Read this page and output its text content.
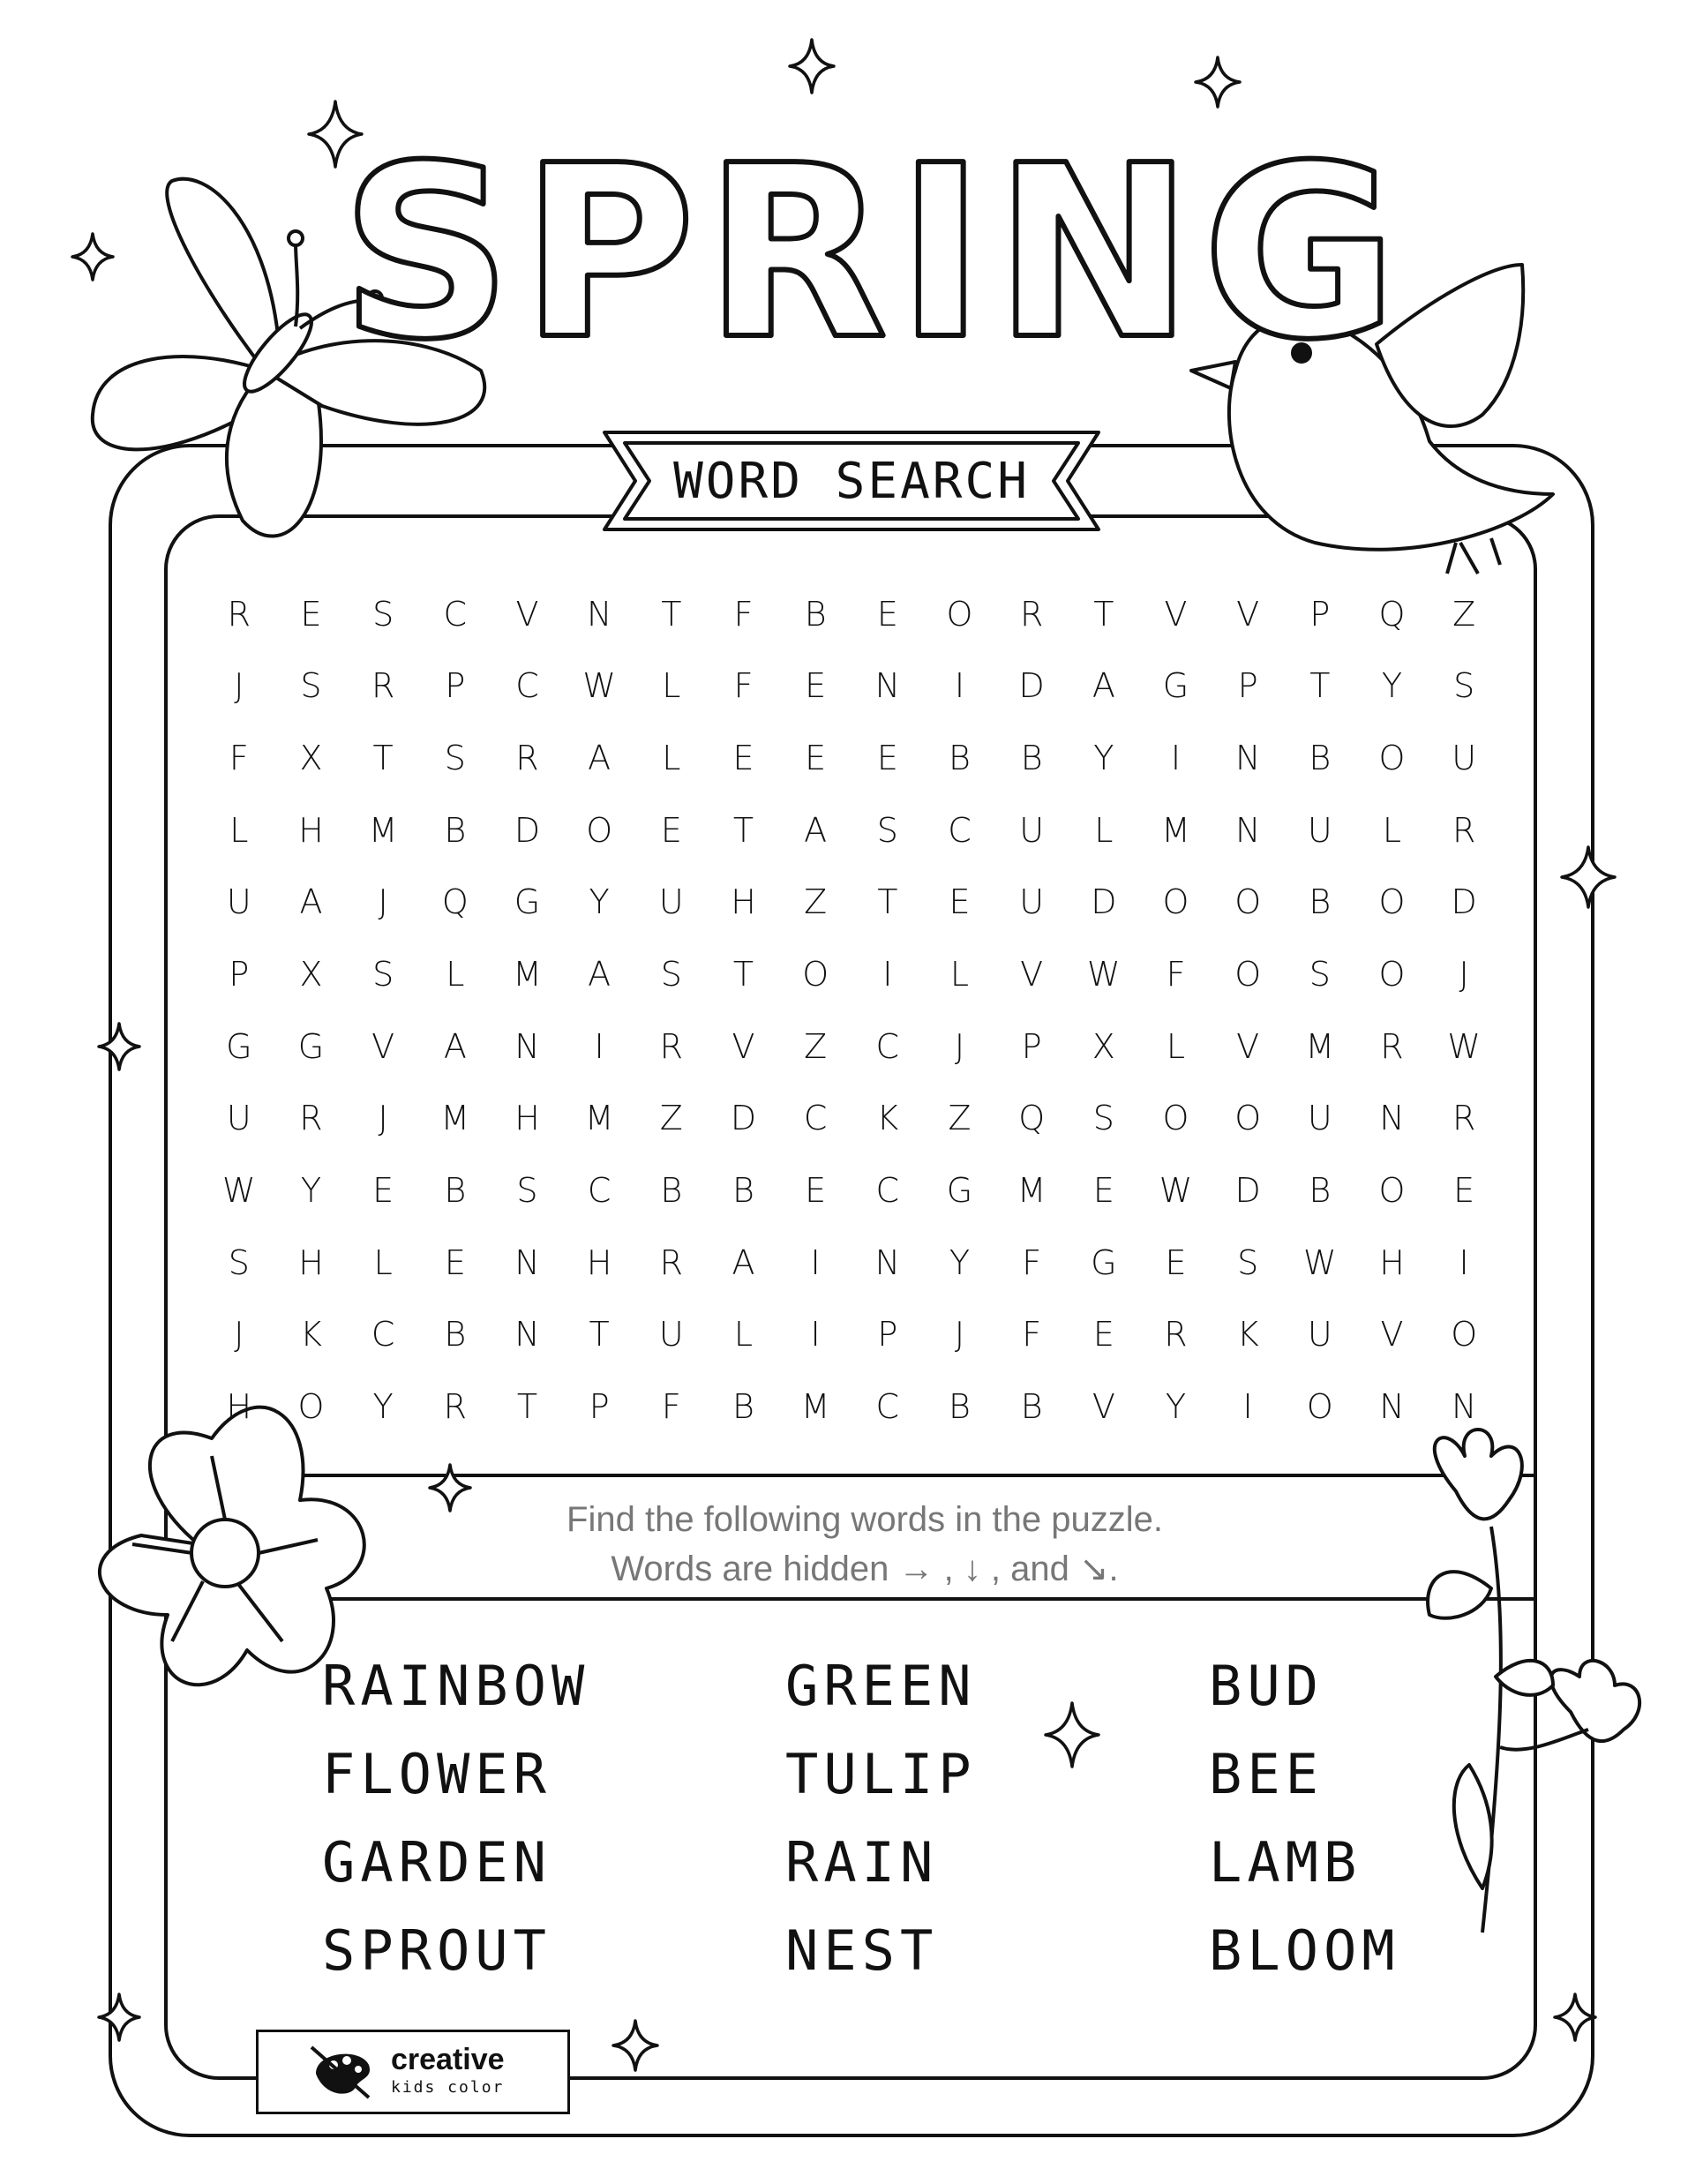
SPRING
WORD SEARCH
R	E	S	C	V	N	T	F	B	E	O	R	T	V	V	P	Q	Z
J	S	R	P	C	W	L	F	E	N	I	D	A	G	P	T	Y	S
F	X	T	S	R	A	L	E	E	E	B	B	Y	I	N	B	O	U
L	H	M	B	D	O	E	T	A	S	C	U	L	M	N	U	L	R
U	A	J	Q	G	Y	U	H	Z	T	E	U	D	O	O	B	O	D
P	X	S	L	M	A	S	T	O	I	L	V	W	F	O	S	O	J
G	G	V	A	N	I	R	V	Z	C	J	P	X	L	V	M	R	W
U	R	J	M	H	M	Z	D	C	K	Z	Q	S	O	O	U	N	R
W	Y	E	B	S	C	B	B	E	C	G	M	E	W	D	B	O	E
S	H	L	E	N	H	R	A	I	N	Y	F	G	E	S	W	H	I
J	K	C	B	N	T	U	L	I	P	J	F	E	R	K	U	V	O
H	O	Y	R	T	P	F	B	M	C	B	B	V	Y	I	O	N	N
Find the following words in the puzzle.
Words are hidden → , ↓ , and ↘.
RAINBOW	GREEN	BUD
FLOWER	TULIP	BEE
GARDEN	RAIN	LAMB
SPROUT	NEST	BLOOM
creative
kids color
